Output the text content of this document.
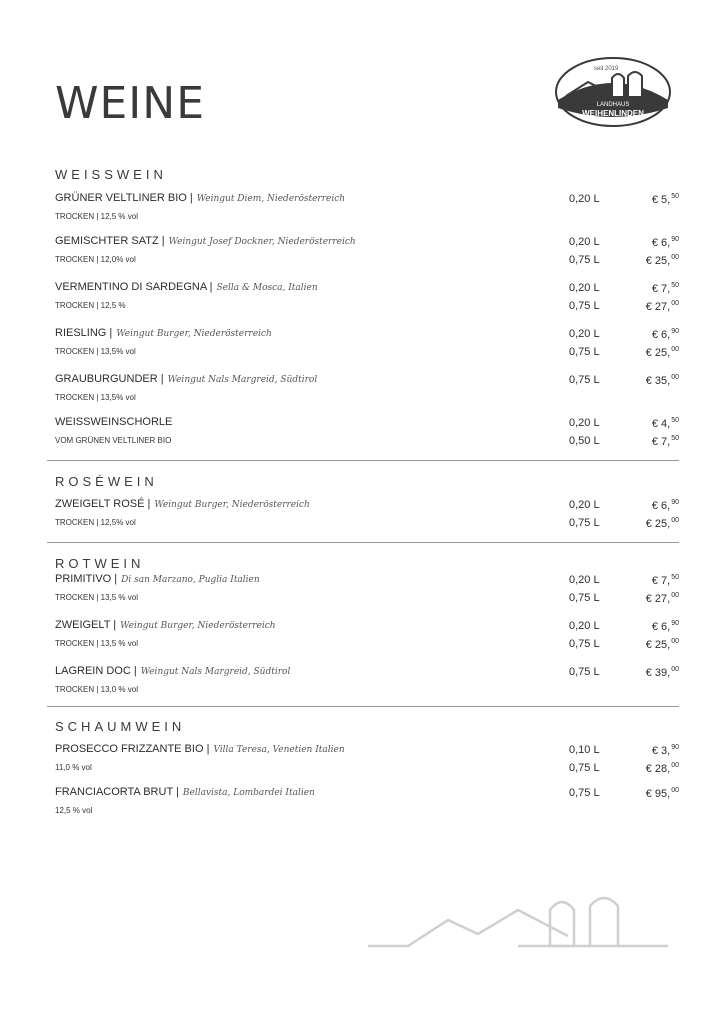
WEINE
seit 2019
LANDHAUS
WEIHENLINDEN
WEISSWEIN
GRÜNER VELTLINER BIO | Weingut Diem, Niederösterreich
TROCKEN | 12,5 % vol
0,20 L	€ 5,50
GEMISCHTER SATZ | Weingut Josef Dockner, Niederösterreich
TROCKEN | 12,0% vol
0,20 L	€ 6,90
0,75 L	€ 25,00
VERMENTINO DI SARDEGNA | Sella & Mosca, Italien
TROCKEN | 12,5 %
0,20 L	€ 7,50
0,75 L	€ 27,00
RIESLING | Weingut Burger, Niederösterreich
TROCKEN | 13,5% vol
0,20 L	€ 6,90
0,75 L	€ 25,00
GRAUBURGUNDER | Weingut Nals Margreid, Südtirol
TROCKEN | 13,5% vol
0,75 L	€ 35,00
WEISSWEINSCHORLE
VOM GRÜNEN VELTLINER BIO
0,20 L	€ 4,50
0,50 L	€ 7,50
ROSÉWEIN
ZWEIGELT ROSÉ | Weingut Burger, Niederösterreich
TROCKEN | 12,5% vol
0,20 L	€ 6,90
0,75 L	€ 25,00
ROTWEIN
PRIMITIVO | Di san Marzano, Puglia Italien
TROCKEN | 13,5 % vol
0,20 L	€ 7,50
0,75 L	€ 27,00
ZWEIGELT | Weingut Burger, Niederösterreich
TROCKEN | 13,5 % vol
0,20 L	€ 6,90
0,75 L	€ 25,00
LAGREIN DOC | Weingut Nals Margreid, Südtirol
TROCKEN | 13,0 % vol
0,75 L	€ 39,00
SCHAUMWEIN
PROSECCO FRIZZANTE BIO | Villa Teresa, Venetien Italien
11,0 % vol
0,10 L	€ 3,90
0,75 L	€ 28,00
FRANCIACORTA BRUT | Bellavista, Lombardei Italien
12,5 % vol
0,75 L	€ 95,00
